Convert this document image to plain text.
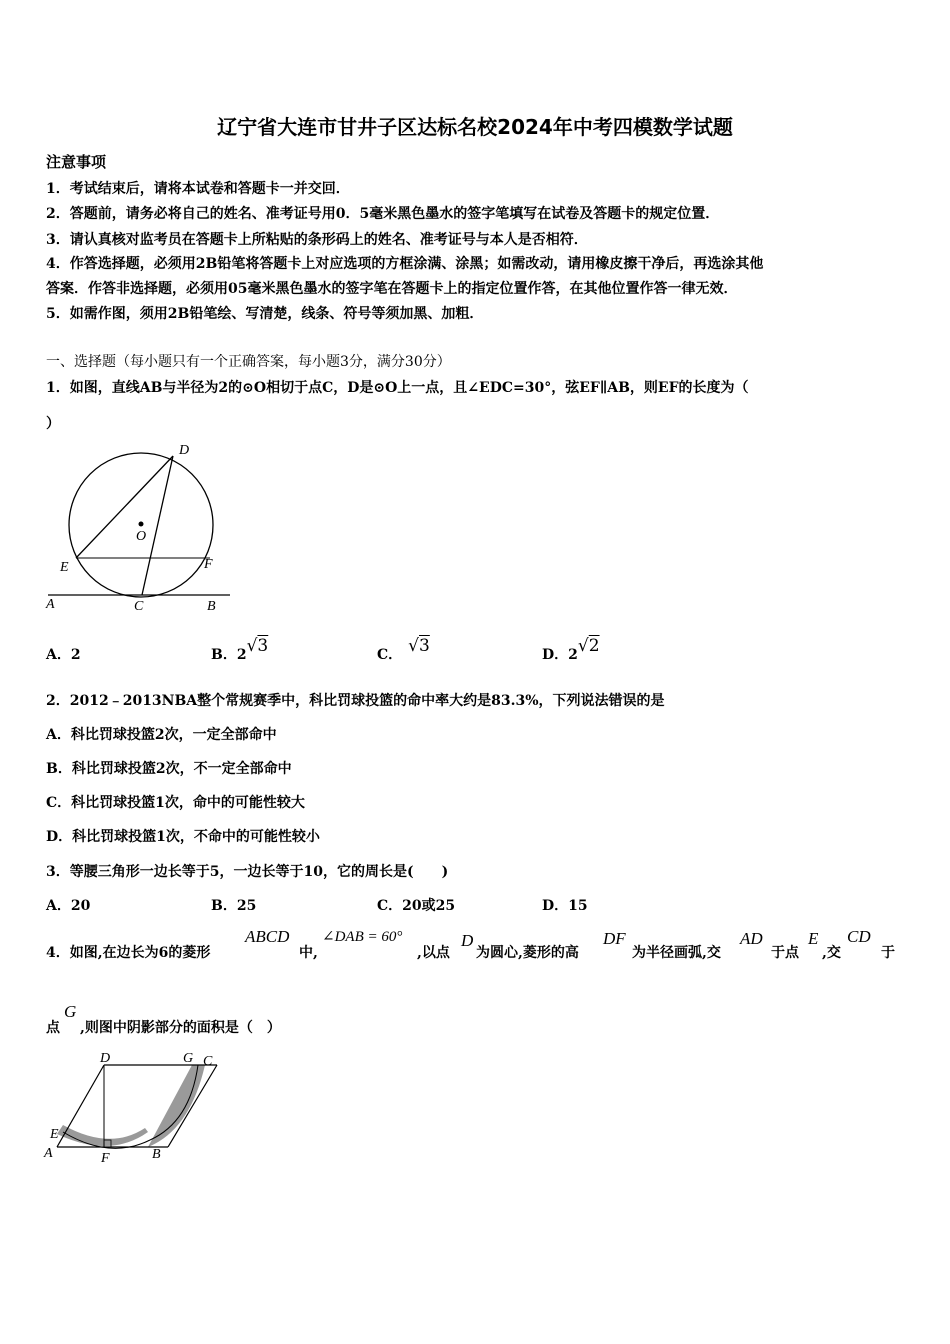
辽宁省大连市甘井子区达标名校2024年中考四模数学试题
注意事项
1．考试结束后，请将本试卷和答题卡一并交回．
2．答题前，请务必将自己的姓名、准考证号用0．5毫米黑色墨水的签字笔填写在试卷及答题卡的规定位置．
3．请认真核对监考员在答题卡上所粘贴的条形码上的姓名、准考证号与本人是否相符．
4．作答选择题，必须用2B铅笔将答题卡上对应选项的方框涂满、涂黑；如需改动，请用橡皮擦干净后，再选涂其他
答案．作答非选择题，必须用05毫米黑色墨水的签字笔在答题卡上的指定位置作答，在其他位置作答一律无效．
5．如需作图，须用2B铅笔绘、写清楚，线条、符号等须加黑、加粗．
一、选择题（每小题只有一个正确答案，每小题3分，满分30分）
1．如图，直线AB与半径为2的⊙O相切于点C，D是⊙O上一点，且∠EDC=30°，弦EF∥AB，则EF的长度为（
）
D
O
E	F
A	C	B
A．2	B．2√3	C． √3	D．2√2
2．2012﹣2013NBA整个常规赛季中，科比罚球投篮的命中率大约是83.3%，下列说法错误的是
A．科比罚球投篮2次，一定全部命中
B．科比罚球投篮2次，不一定全部命中
C．科比罚球投篮1次，命中的可能性较大
D．科比罚球投篮1次，不命中的可能性较小
3．等腰三角形一边长等于5，一边长等于10，它的周长是(　　)
A．20	B．25	C．20或25	D．15
4．如图,在边长为6的菱形
ABCD
中,
∠DAB = 60°
,以点
D
为圆心,菱形的高
DF
为半径画弧,交
AD
于点
E
,交
CD
于
点
G
,则图中阴影部分的面积是（　）
D	G C
E
A	F	B
